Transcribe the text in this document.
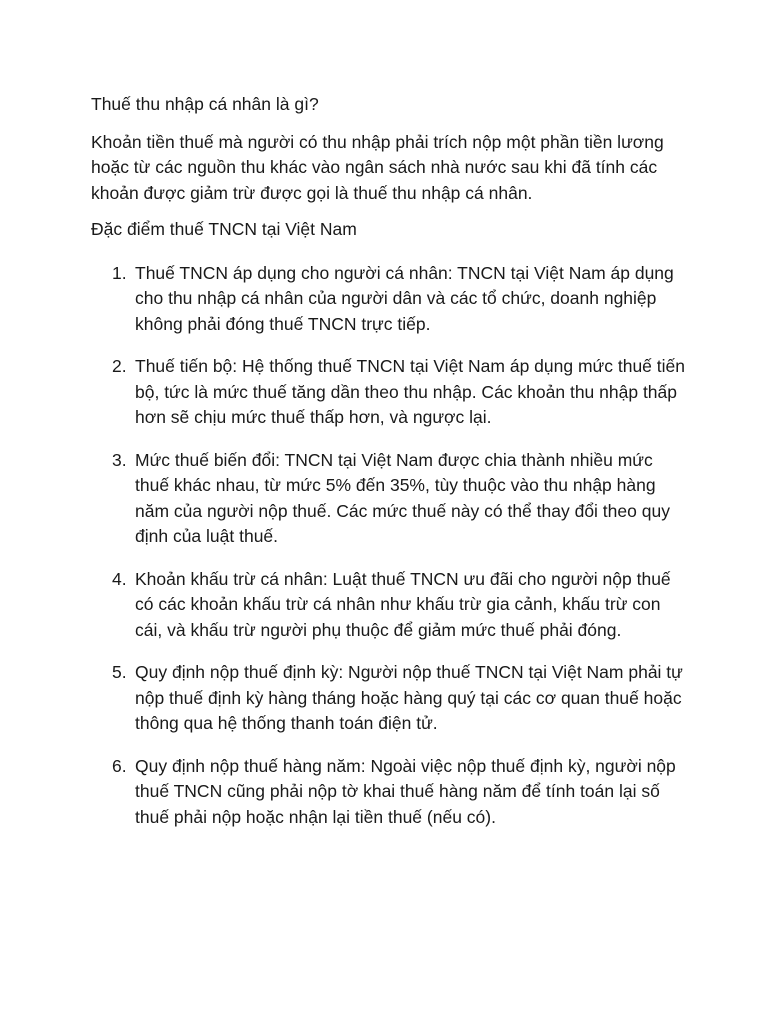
Thuế thu nhập cá nhân là gì?

Khoản tiền thuế mà người có thu nhập phải trích nộp một phần tiền lương hoặc từ các nguồn thu khác vào ngân sách nhà nước sau khi đã tính các khoản được giảm trừ được gọi là thuế thu nhập cá nhân.

Đặc điểm thuế TNCN tại Việt Nam

1. Thuế TNCN áp dụng cho người cá nhân: TNCN tại Việt Nam áp dụng cho thu nhập cá nhân của người dân và các tổ chức, doanh nghiệp không phải đóng thuế TNCN trực tiếp.
2. Thuế tiến bộ: Hệ thống thuế TNCN tại Việt Nam áp dụng mức thuế tiến bộ, tức là mức thuế tăng dần theo thu nhập. Các khoản thu nhập thấp hơn sẽ chịu mức thuế thấp hơn, và ngược lại.
3. Mức thuế biến đổi: TNCN tại Việt Nam được chia thành nhiều mức thuế khác nhau, từ mức 5% đến 35%, tùy thuộc vào thu nhập hàng năm của người nộp thuế. Các mức thuế này có thể thay đổi theo quy định của luật thuế.
4. Khoản khấu trừ cá nhân: Luật thuế TNCN ưu đãi cho người nộp thuế có các khoản khấu trừ cá nhân như khấu trừ gia cảnh, khấu trừ con cái, và khấu trừ người phụ thuộc để giảm mức thuế phải đóng.
5. Quy định nộp thuế định kỳ: Người nộp thuế TNCN tại Việt Nam phải tự nộp thuế định kỳ hàng tháng hoặc hàng quý tại các cơ quan thuế hoặc thông qua hệ thống thanh toán điện tử.
6. Quy định nộp thuế hàng năm: Ngoài việc nộp thuế định kỳ, người nộp thuế TNCN cũng phải nộp tờ khai thuế hàng năm để tính toán lại số thuế phải nộp hoặc nhận lại tiền thuế (nếu có).
